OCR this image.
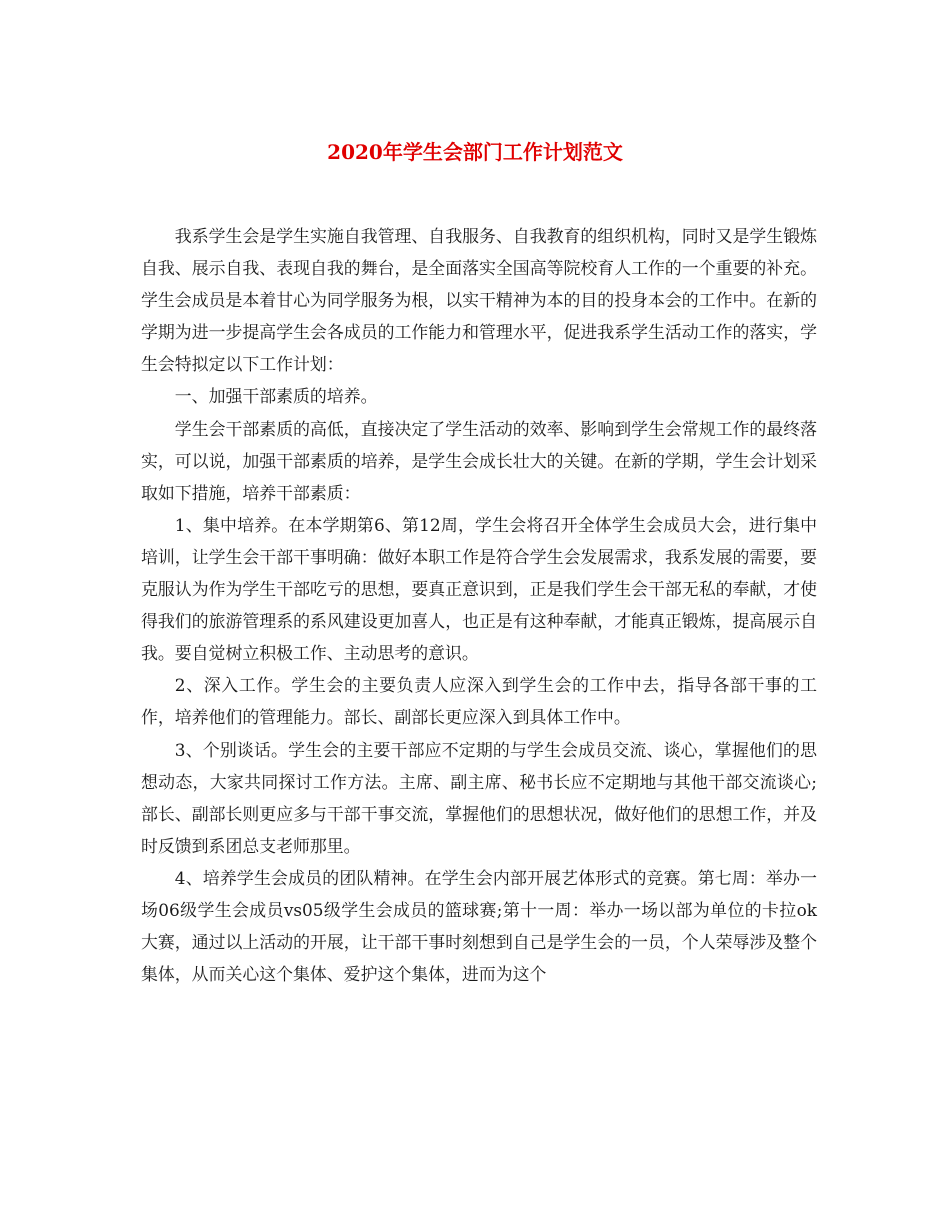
2020年学生会部门工作计划范文

我系学生会是学生实施自我管理、自我服务、自我教育的组织机构，同时又是学生锻炼自我、展示自我、表现自我的舞台，是全面落实全国高等院校育人工作的一个重要的补充。学生会成员是本着甘心为同学服务为根，以实干精神为本的目的投身本会的工作中。在新的学期为进一步提高学生会各成员的工作能力和管理水平，促进我系学生活动工作的落实，学生会特拟定以下工作计划：

一、加强干部素质的培养。

学生会干部素质的高低，直接决定了学生活动的效率、影响到学生会常规工作的最终落实，可以说，加强干部素质的培养，是学生会成长壮大的关键。在新的学期，学生会计划采取如下措施，培养干部素质：

1、集中培养。在本学期第6、第12周，学生会将召开全体学生会成员大会，进行集中培训，让学生会干部干事明确：做好本职工作是符合学生会发展需求，我系发展的需要，要克服认为作为学生干部吃亏的思想，要真正意识到，正是我们学生会干部无私的奉献，才使得我们的旅游管理系的系风建设更加喜人，也正是有这种奉献，才能真正锻炼，提高展示自我。要自觉树立积极工作、主动思考的意识。

2、深入工作。学生会的主要负责人应深入到学生会的工作中去，指导各部干事的工作，培养他们的管理能力。部长、副部长更应深入到具体工作中。

3、个别谈话。学生会的主要干部应不定期的与学生会成员交流、谈心，掌握他们的思想动态，大家共同探讨工作方法。主席、副主席、秘书长应不定期地与其他干部交流谈心;部长、副部长则更应多与干部干事交流，掌握他们的思想状况，做好他们的思想工作，并及时反馈到系团总支老师那里。

4、培养学生会成员的团队精神。在学生会内部开展艺体形式的竞赛。第七周：举办一场06级学生会成员vs05级学生会成员的篮球赛;第十一周：举办一场以部为单位的卡拉ok大赛，通过以上活动的开展，让干部干事时刻想到自己是学生会的一员，个人荣辱涉及整个集体，从而关心这个集体、爱护这个集体，进而为这个
